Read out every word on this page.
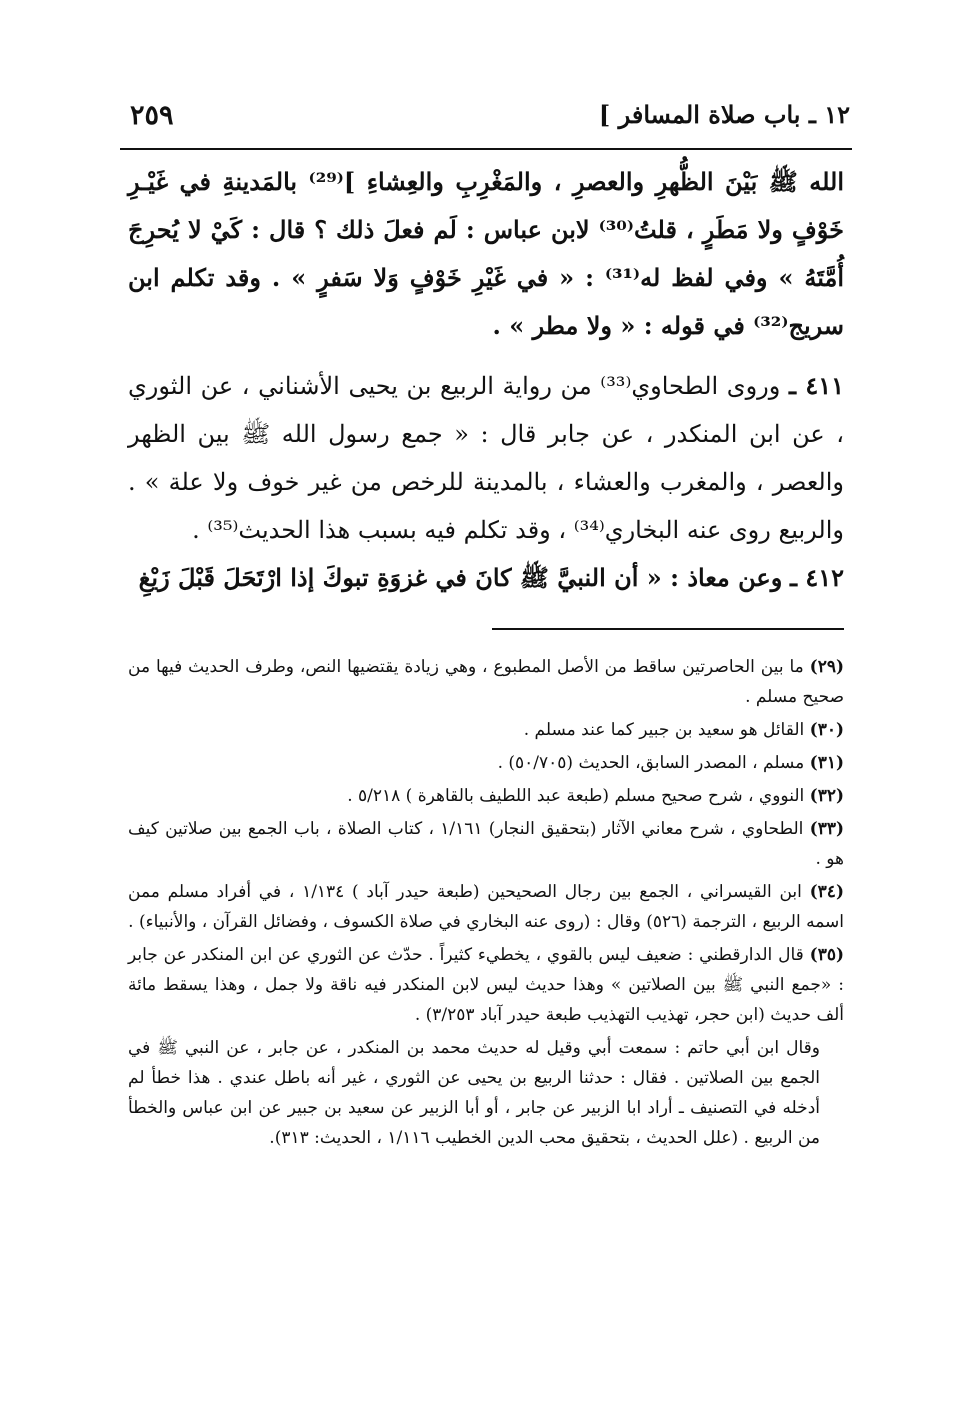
٢٥٩	١٢ ـ باب صلاة المسافر ]

الله ﷺ بَيْنَ الظُّهرِ والعصرِ ، والمَغْرِبِ والعِشاءِ ]⁽²⁹⁾ بالمَدينةِ في غَيْـرِ خَوْفٍ ولا مَطَرٍ ، قلتُ⁽³⁰⁾ لابن عباس : لَم فعلَ ذلك ؟ قال : كَيْ لا يُحرِجَ أُمَّتَهُ » وفي لفظ له⁽³¹⁾ : « في غَيْرِ خَوْفٍ وَلا سَفرٍ » . وقد تكلم ابن سريج⁽³²⁾ في قوله : « ولا مطر » .

٤١١ ـ وروى الطحاوي⁽³³⁾ من رواية الربيع بن يحيى الأشناني ، عن الثوري ، عن ابن المنكدر ، عن جابر قال : « جمع رسول الله ﷺ بين الظهر والعصر ، والمغرب والعشاء ، بالمدينة للرخص من غير خوف ولا علة » . والربيع روى عنه البخاري⁽³⁴⁾ ، وقد تكلم فيه بسبب هذا الحديث⁽³⁵⁾ .

٤١٢ ـ وعن معاذ : « أن النبيَّ ﷺ كانَ في غزوَةِ تبوكَ إذا ارْتَحَلَ قَبْلَ زَيْغِ

(٢٩) ما بين الحاصرتين ساقط من الأصل المطبوع ، وهي زيادة يقتضيها النص، وطرف الحديث فيها من صحيح مسلم .

(٣٠) القائل هو سعيد بن جبير كما عند مسلم .

(٣١) مسلم ، المصدر السابق، الحديث (٥٠/٧٠٥) .

(٣٢) النووي ، شرح صحيح مسلم (طبعة عبد اللطيف بالقاهرة ) ٥/٢١٨ .

(٣٣) الطحاوي ، شرح معاني الآثار (بتحقيق النجار) ١/١٦١ ، كتاب الصلاة ، باب الجمع بين صلاتين كيف هو .

(٣٤) ابن القيسراني ، الجمع بين رجال الصحيحين (طبعة حيدر آباد ) ١/١٣٤ ، في أفراد مسلم ممن اسمه الربيع ، الترجمة (٥٢٦) وقال : (روى عنه البخاري في صلاة الكسوف ، وفضائل القرآن ، والأنبياء) .

(٣٥) قال الدارقطني : ضعيف ليس بالقوي ، يخطيء كثيراً . حدّث عن الثوري عن ابن المنكدر عن جابر : «جمع النبي ﷺ بين الصلاتين » وهذا حديث ليس لابن المنكدر فيه ناقة ولا جمل ، وهذا يسقط مائة ألف حديث (ابن حجر، تهذيب التهذيب طبعة حيدر آباد ٣/٢٥٣) .

وقال ابن أبي حاتم : سمعت أبي وقيل له حديث محمد بن المنكدر ، عن جابر ، عن النبي ﷺ في الجمع بين الصلاتين . فقال : حدثنا الربيع بن يحيى عن الثوري ، غير أنه باطل عندي . هذا خطأ لم أدخله في التصنيف ـ أراد ابا الزبير عن جابر ، أو أبا الزبير عن سعيد بن جبير عن ابن عباس والخطأ من الربيع . (علل الحديث ، بتحقيق محب الدين الخطيب ١/١١٦ ، الحديث: ٣١٣).
